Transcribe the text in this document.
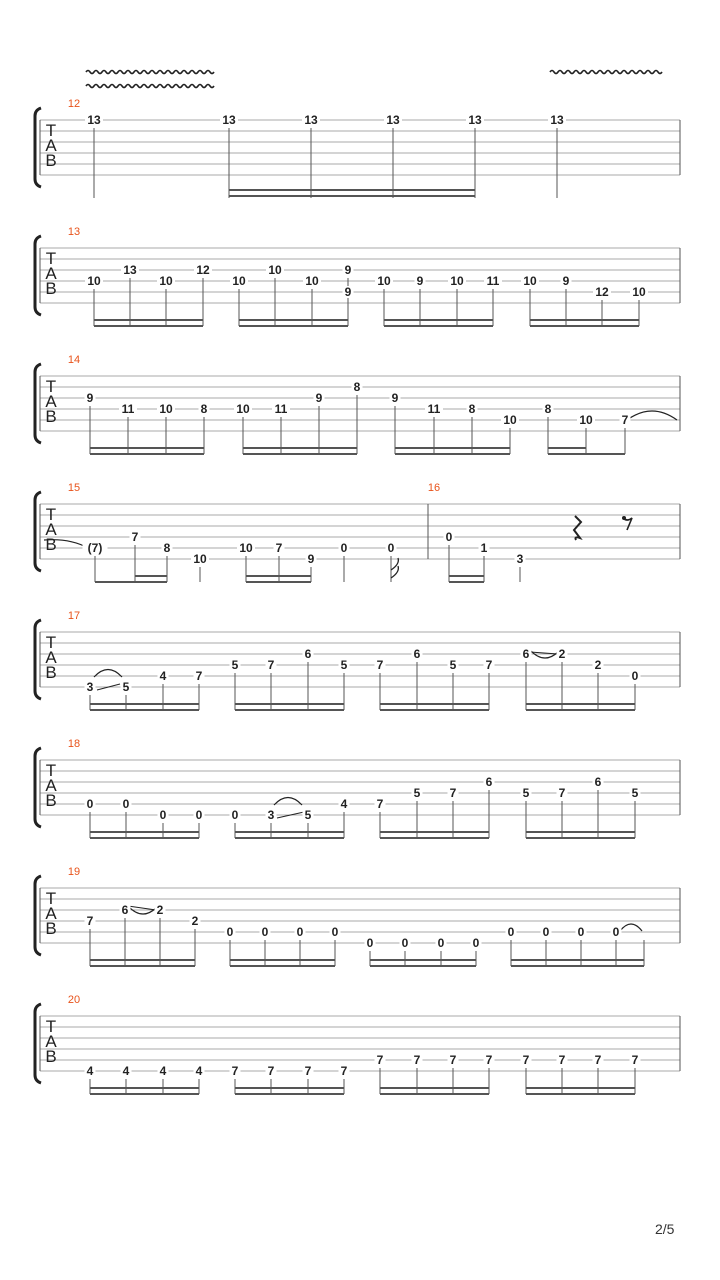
T
A
B
12
13	13	13	13	13	13
T
A
B
13
10
13
10
12
10
10
10
9
9
10 9 10 11 10 9
12 10
T
A
B
14
9
11 10 8 10 11
9
8
9
11 8
10
8
10 7
T
A
B
15	16
(7)
7
8
10
10 7
9
0	0
0
1
3
T
A
B
17
3 5
4 7
5 7
6
5 7
6
5 7
6 2
2
0
T
A
B
18
0 0
0 0 0 3	5
4 7
5 7
6
5 7
6
5
T
A
B
19
7
6 2
2
0 0 0 0
0 0 0 0
0 0 0 0
T
A
B
20
4 4	4 4 7 7	7 7
7	7 7 7	7 7 7	7
2/5
